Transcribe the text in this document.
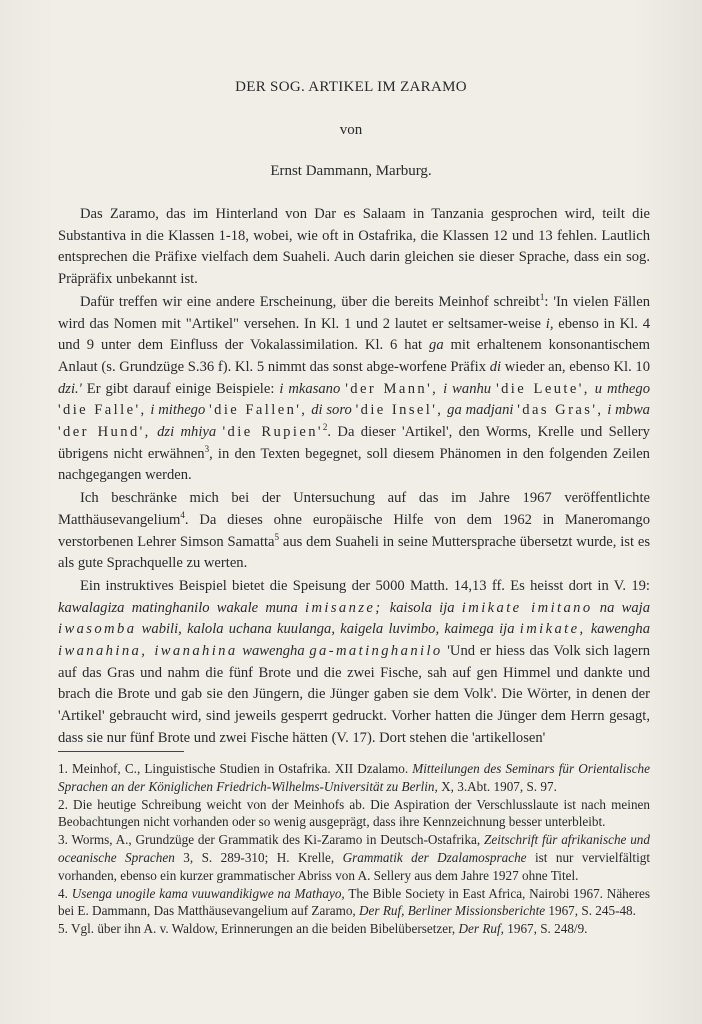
DER SOG. ARTIKEL IM ZARAMO
von
Ernst Dammann, Marburg.

Das Zaramo, das im Hinterland von Dar es Salaam in Tanzania gesprochen wird, teilt die Substantiva in die Klassen 1-18, wobei, wie oft in Ostafrika, die Klassen 12 und 13 fehlen. Lautlich entsprechen die Präfixe vielfach dem Suaheli. Auch darin gleichen sie dieser Sprache, dass ein sog. Präpräfix unbekannt ist.

Dafür treffen wir eine andere Erscheinung, über die bereits Meinhof schreibt$^1$: 'In vielen Fällen wird das Nomen mit "Artikel" versehen. In Kl. 1 und 2 lautet er seltsamer-weise i, ebenso in Kl. 4 und 9 unter dem Einfluss der Vokalassimilation. Kl. 6 hat ga mit erhaltenem konsonantischem Anlaut (s. Grundzüge S.36 f). Kl. 5 nimmt das sonst abge-worfene Präfix di wieder an, ebenso Kl. 10 dzi.' Er gibt darauf einige Beispiele: i mkasano 'der Mann', i wanhu 'die Leute', u mthego 'die Falle', i mithego 'die Fallen', di soro 'die Insel', ga madjani 'das Gras', i mbwa 'der Hund', dzi mhiya 'die $Rupien'^2$. Da dieser 'Artikel', den Worms, Krelle und Sellery übrigens nicht erwähnen$^3$, in den Texten begegnet, soll diesem Phänomen in den folgenden Zeilen nachgegangen werden.

Ich beschränke mich bei der Untersuchung auf das im Jahre 1967 veröffentlichte Matthäusevangelium$^4$. Da dieses ohne europäische Hilfe von dem 1962 in Maneromango verstorbenen Lehrer Simson Samatta$^5$ aus dem Suaheli in seine Muttersprache übersetzt wurde, ist es als gute Sprachquelle zu werten.

Ein instruktives Beispiel bietet die Speisung der 5000 Matth. 14,13 ff. Es heisst dort in V. 19: kawalagiza matinghanilo wakale muna imisanze; kaisola ija imikate imitano na waja iwasomba wabili, kalola uchana kuulanga, kaigela luvimbo, kaimega ija imikate, kawengha iwanahina, iwanahina wawengha ga-matinghanilo 'Und er hiess das Volk sich lagern auf das Gras und nahm die fünf Brote und die zwei Fische, sah auf gen Himmel und dankte und brach die Brote und gab sie den Jüngern, die Jünger gaben sie dem Volk'. Die Wörter, in denen der 'Artikel' gebraucht wird, sind jeweils gesperrt gedruckt. Vorher hatten die Jünger dem Herrn gesagt, dass sie nur fünf Brote und zwei Fische hätten (V. 17). Dort stehen die 'artikellosen'

1. Meinhof, C., Linguistische Studien in Ostafrika. XII Dzalamo. Mitteilungen des Seminars für Orientalische Sprachen an der Königlichen Friedrich-Wilhelms-Universität zu Berlin, X, 3.Abt. 1907, S. 97.

2. Die heutige Schreibung weicht von der Meinhofs ab. Die Aspiration der Verschlusslaute ist nach meinen Beobachtungen nicht vorhanden oder so wenig ausgeprägt, dass ihre Kennzeichnung besser unterbleibt.

3. Worms, A., Grundzüge der Grammatik des Ki-Zaramo in Deutsch-Ostafrika, Zeitschrift für afrikanische und oceanische Sprachen 3, S. 289-310; H. Krelle, Grammatik der Dzalamosprache ist nur vervielfältigt vorhanden, ebenso ein kurzer grammatischer Abriss von A. Sellery aus dem Jahre 1927 ohne Titel.

4. Usenga unogile kama vuuwandikigwe na Mathayo, The Bible Society in East Africa, Nairobi 1967. Näheres bei E. Dammann, Das Matthäusevangelium auf Zaramo, Der Ruf, Berliner Missionsberichte 1967, S. 245-48.

5. Vgl. über ihn A. v. Waldow, Erinnerungen an die beiden Bibelübersetzer, Der Ruf, 1967, S. 248/9.
